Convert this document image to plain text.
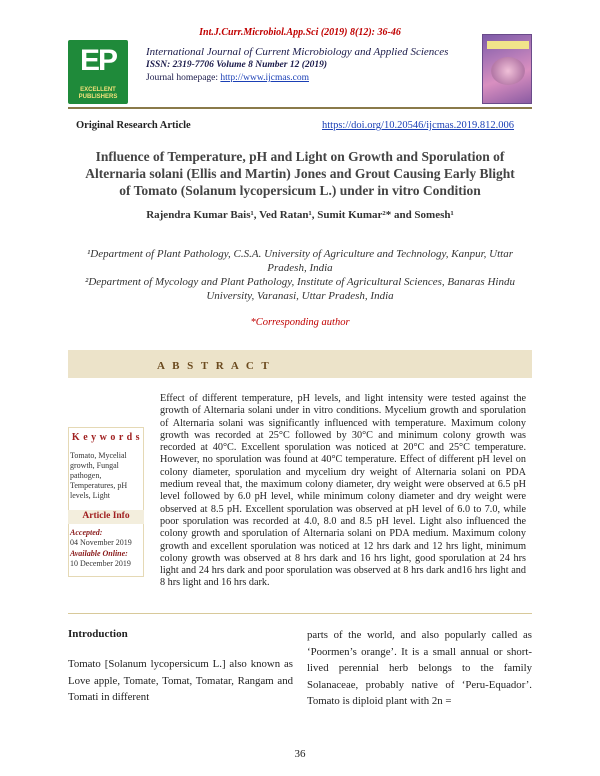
Int.J.Curr.Microbiol.App.Sci (2019) 8(12): 36-46
EP
EXCELLENT PUBLISHERS
International Journal of Current Microbiology and Applied Sciences
ISSN: 2319-7706 Volume 8 Number 12 (2019)
Journal homepage: http://www.ijcmas.com
Original Research Article	https://doi.org/10.20546/ijcmas.2019.812.006
Influence of Temperature, pH and Light on Growth and Sporulation of
Alternaria solani (Ellis and Martin) Jones and Grout Causing Early Blight
of Tomato (Solanum lycopersicum L.) under in vitro Condition
Rajendra Kumar Bais¹, Ved Ratan¹, Sumit Kumar²* and Somesh¹
¹Department of Plant Pathology, C.S.A. University of Agriculture and Technology, Kanpur, Uttar Pradesh, India
²Department of Mycology and Plant Pathology, Institute of Agricultural Sciences, Banaras Hindu University, Varanasi, Uttar Pradesh, India
*Corresponding author
A B S T R A C T
Effect of different temperature, pH levels, and light intensity were tested against the growth of Alternaria solani under in vitro conditions. Mycelium growth and sporulation of Alternaria solani was significantly influenced with temperature. Maximum colony growth was recorded at 25°C followed by 30°C and minimum colony growth was recorded at 40°C. Excellent sporulation was noticed at 20°C and 25°C temperature. However, no sporulation was found at 40°C temperature. Effect of different pH level on colony diameter, sporulation and mycelium dry weight of Alternaria solani on PDA medium reveal that, the maximum colony diameter, dry weight were observed at 6.5 pH level followed by 6.0 pH level, while minimum colony diameter and dry weight were observed at 8.5 pH. Excellent sporulation was observed at pH level of 6.0 to 7.0, while poor sporulation was recorded at 4.0, 8.0 and 8.5 pH level. Light also influenced the colony growth and sporulation of Alternaria solani on PDA medium. Maximum colony growth and excellent sporulation was noticed at 12 hrs dark and 12 hrs light, minimum colony growth was observed at 8 hrs dark and 16 hrs light, good sporulation at 24 hrs light and 24 hrs dark and poor sporulation was observed at 8 hrs dark and16 hrs light and 8 hrs light and 16 hrs dark.
K e y w o r d s
Tomato, Mycelial growth, Fungal pathogen, Temperatures, pH levels, Light
Article Info
Accepted:
04 November 2019
Available Online:
10 December 2019
Introduction
Tomato [Solanum lycopersicum L.] also known as Love apple, Tomate, Tomat, Tomatar, Rangam and Tomati in different
parts of the world, and also popularly called as ‘Poormen’s orange’. It is a small annual or short-lived perennial herb belongs to the family Solanaceae, probably native of ‘Peru-Equador’. Tomato is diploid plant with 2n =
36
